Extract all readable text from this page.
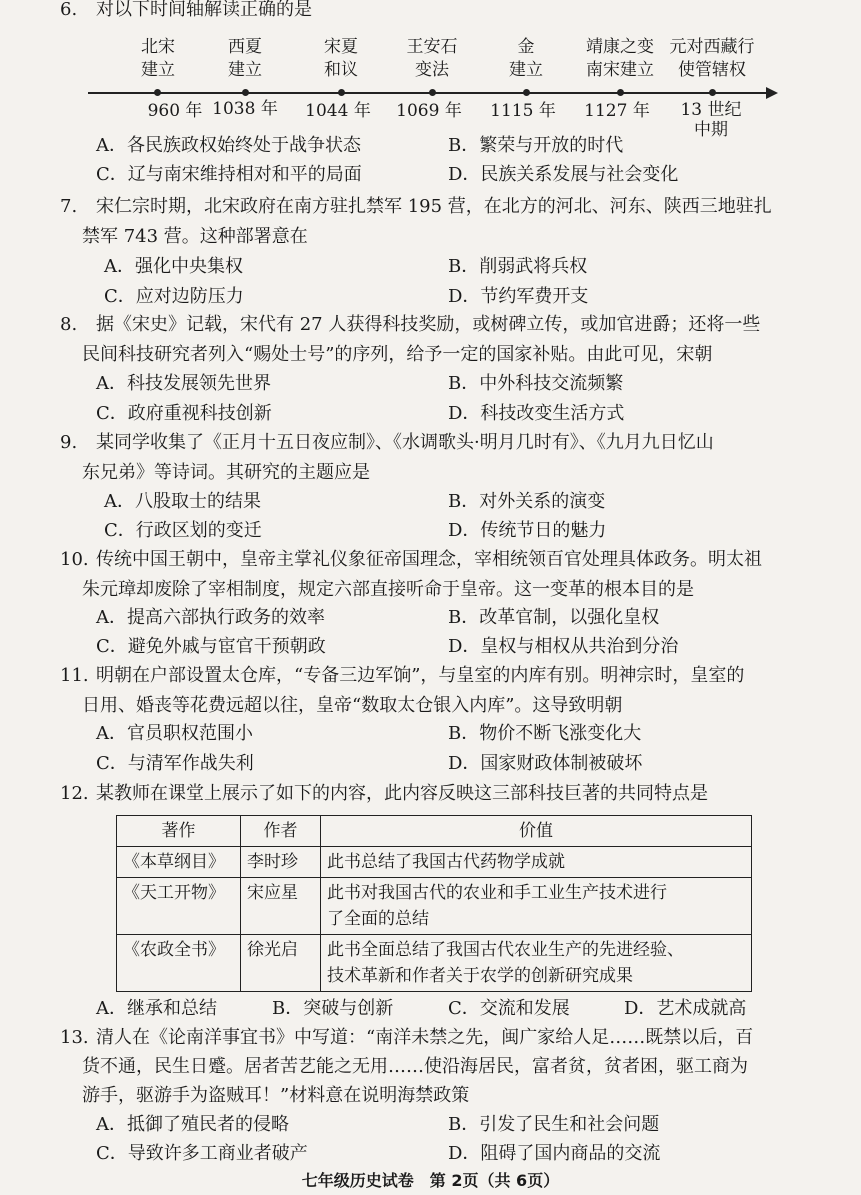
6. 对以下时间轴解读正确的是
北宋
建立
西夏
建立
宋夏
和议
王安石
变法
金
建立
靖康之变
南宋建立
元对西藏行
使管辖权
960 年 1038 年	1044 年	1069 年	1115 年	1127 年	13 世纪
中期
A．各民族政权始终处于战争状态	B．繁荣与开放的时代
C．辽与南宋维持相对和平的局面	D．民族关系发展与社会变化
7. 宋仁宗时期，北宋政府在南方驻扎禁军 195 营，在北方的河北、河东、陕西三地驻扎
禁军 743 营。这种部署意在
A．强化中央集权	B．削弱武将兵权
C．应对边防压力	D．节约军费开支
8. 据《宋史》记载，宋代有 27 人获得科技奖励，或树碑立传，或加官进爵；还将一些
民间科技研究者列入“赐处士号”的序列，给予一定的国家补贴。由此可见，宋朝
A．科技发展领先世界	B．中外科技交流频繁
C．政府重视科技创新	D．科技改变生活方式
9. 某同学收集了《正月十五日夜应制》、《水调歌头·明月几时有》、《九月九日忆山
东兄弟》等诗词。其研究的主题应是
A．八股取士的结果	B．对外关系的演变
C．行政区划的变迁	D．传统节日的魅力
10. 传统中国王朝中，皇帝主掌礼仪象征帝国理念，宰相统领百官处理具体政务。明太祖
朱元璋却废除了宰相制度，规定六部直接听命于皇帝。这一变革的根本目的是
A．提高六部执行政务的效率	B．改革官制，以强化皇权
C．避免外戚与宦官干预朝政	D．皇权与相权从共治到分治
11. 明朝在户部设置太仓库，“专备三边军饷”，与皇室的内库有别。明神宗时，皇室的
日用、婚丧等花费远超以往，皇帝“数取太仓银入内库”。这导致明朝
A．官员职权范围小	B．物价不断飞涨变化大
C．与清军作战失利	D．国家财政体制被破坏
12. 某教师在课堂上展示了如下的内容，此内容反映这三部科技巨著的共同特点是
著作	作者	价值
《本草纲目》	李时珍	此书总结了我国古代药物学成就

《天工开物》	宋应星	此书对我国古代的农业和手工业生产技术进行
了全面的总结

《农政全书》	徐光启	此书全面总结了我国古代农业生产的先进经验、
技术革新和作者关于农学的创新研究成果
A．继承和总结	B．突破与创新	C．交流和发展	D．艺术成就高
13. 清人在《论南洋事宜书》中写道：“南洋未禁之先，闽广家给人足……既禁以后，百
货不通，民生日蹙。居者苦艺能之无用……使沿海居民，富者贫，贫者困，驱工商为
游手，驱游手为盗贼耳！”材料意在说明海禁政策
A．抵御了殖民者的侵略	B．引发了民生和社会问题
C．导致许多工商业者破产	D．阻碍了国内商品的交流
七年级历史试卷　第 2页（共 6页）
